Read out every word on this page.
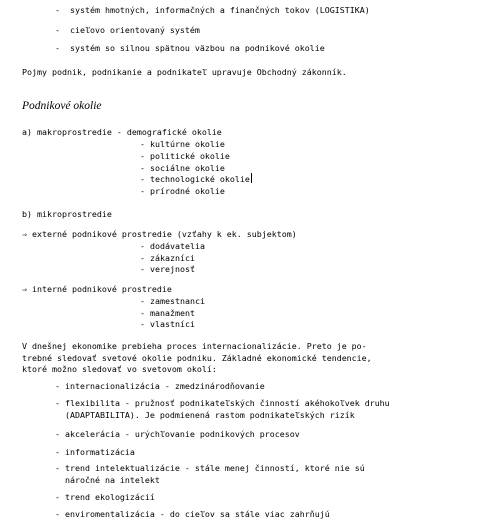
-  systém hmotných, informačných a finančných tokov (LOGISTIKA)
-  cieľovo orientovaný systém
-  systém so silnou spätnou väzbou na podnikové okolie
Pojmy podnik, podnikanie a podnikateľ upravuje Obchodný zákonník.
Podnikové okolie
a) makroprostredie - demografické okolie
- kultúrne okolie
- politické okolie
- sociálne okolie
- technologické okolie
- prírodné okolie
b) mikroprostredie
⇒ externé podnikové prostredie (vzťahy k ek. subjektom)
- dodávatelia
- zákazníci
- verejnosť
⇒ interné podnikové prostredie
- zamestnanci
- manažment
- vlastníci
V dnešnej ekonomike prebieha proces internacionalizácie. Preto je po-
trebné sledovať svetové okolie podniku. Základné ekonomické tendencie,
ktoré možno sledovať vo svetovom okolí:
- internacionalizácia - zmedzinárodňovanie
- flexibilita - pružnosť podnikateľských činností akéhokoľvek druhu
(ADAPTABILITA). Je podmienená rastom podnikateľských rizík
- akcelerácia - urýchľovanie podnikových procesov
- informatizácia
- trend intelektualizácie - stále menej činností, ktoré nie sú
náročné na intelekt
- trend ekologizácií
- enviromentalizácia - do cieľov sa stále viac zahrňujú
